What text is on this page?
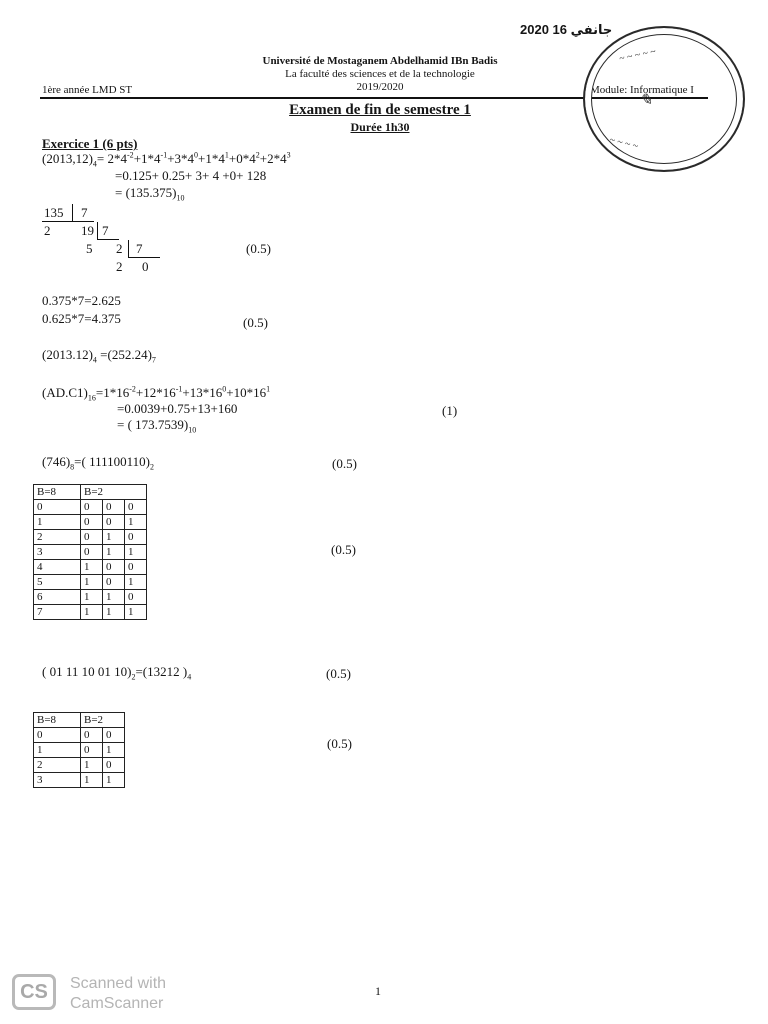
2020 جانفي 16
Université de Mostaganem Abdelhamid IBn Badis
La faculté des sciences et de la technologie
2019/2020
1ère année LMD ST	Module: Informatique I
Examen de fin de semestre 1
Durée 1h30
~ ~ ~ ~ ~
✎
~ ~ ~ ~
Exercice 1 (6 pts)
$(2013,12)_4= 2*4^{-2}+1*4^{-1}+3*4^0+1*4^1+0*4^2+2*4^3$
=0.125+ 0.25+ 3+ 4 +0+ 128
= $(135.375)_{10}$
135 7
2 19 7
5 2 7
2 0
(0.5)
0.375*7=2.625
0.625*7=4.375	(0.5)
$(2013.12)_4 =(252.24)_7$
$(AD.C1)_{16}=1*16^{-2}+12*16^{-1}+13*16^0+10*16^1$
=0.0039+0.75+13+160
= ( $173.7539)_{10}$
(1)
$(746)_8=$( $111100110)_2$	(0.5)
B=8	B=2		
0	0	0	0
1	0	0	1
2	0	1	0
3	0	1	1
4	1	0	0
5	1	0	1
6	1	1	0
7	1	1	1
(0.5)
( 01 11 10 01 $10)_2=(13212$ )$_4$	(0.5)
B=8	B=2	
0	0	0
1	0	1
2	1	0
3	1	1
(0.5)
1
CS	Scanned with
CamScanner
